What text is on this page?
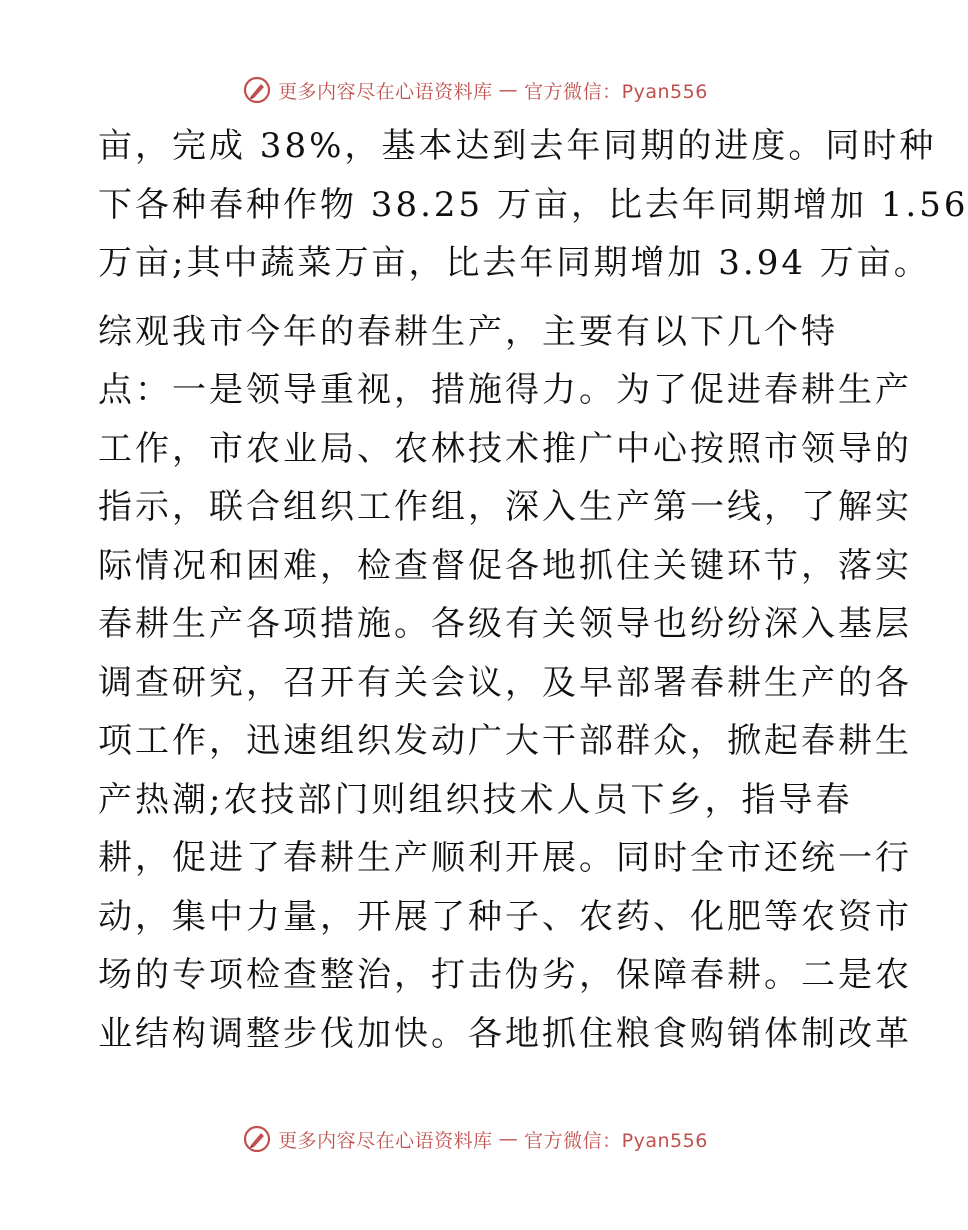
更多内容尽在心语资料库 — 官方微信：Pyan556
亩，完成 38%，基本达到去年同期的进度。同时种
下各种春种作物 38.25 万亩，比去年同期增加 1.56
万亩;其中蔬菜万亩，比去年同期增加 3.94 万亩。
综观我市今年的春耕生产，主要有以下几个特
点：一是领导重视，措施得力。为了促进春耕生产
工作，市农业局、农林技术推广中心按照市领导的
指示，联合组织工作组，深入生产第一线，了解实
际情况和困难，检查督促各地抓住关键环节，落实
春耕生产各项措施。各级有关领导也纷纷深入基层
调查研究，召开有关会议，及早部署春耕生产的各
项工作，迅速组织发动广大干部群众，掀起春耕生
产热潮;农技部门则组织技术人员下乡，指导春
耕，促进了春耕生产顺利开展。同时全市还统一行
动，集中力量，开展了种子、农药、化肥等农资市
场的专项检查整治，打击伪劣，保障春耕。二是农
业结构调整步伐加快。各地抓住粮食购销体制改革
更多内容尽在心语资料库 — 官方微信：Pyan556
